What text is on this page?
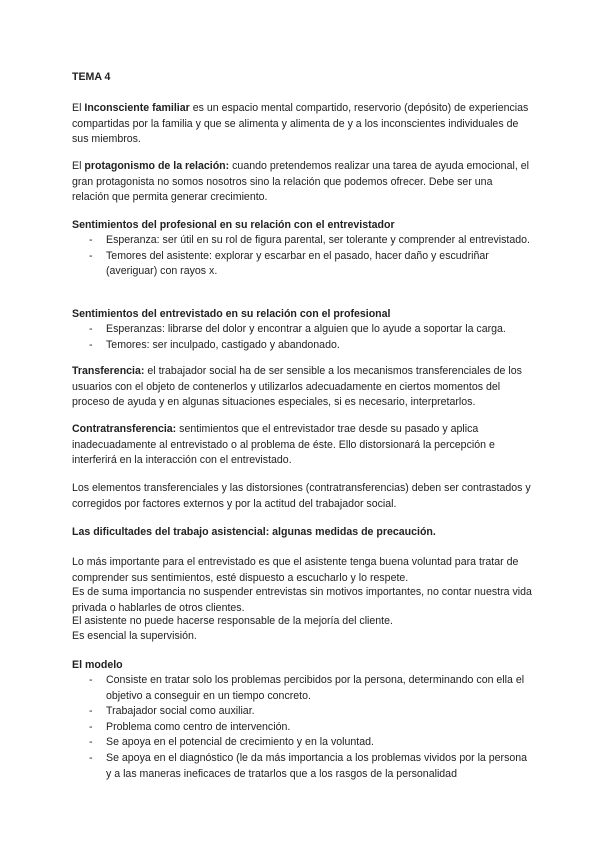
TEMA 4

El Inconsciente familiar es un espacio mental compartido, reservorio (depósito) de experiencias compartidas por la familia y que se alimenta y alimenta de y a los inconscientes individuales de sus miembros.

El protagonismo de la relación: cuando pretendemos realizar una tarea de ayuda emocional, el gran protagonista no somos nosotros sino la relación que podemos ofrecer. Debe ser una relación que permita generar crecimiento.

Sentimientos del profesional en su relación con el entrevistador

- Esperanza: ser útil en su rol de figura parental, ser tolerante y comprender al entrevistado.
- Temores del asistente: explorar y escarbar en el pasado, hacer daño y escudriñar (averiguar) con rayos x.

Sentimientos del entrevistado en su relación con el profesional

- Esperanzas: librarse del dolor y encontrar a alguien que lo ayude a soportar la carga.
- Temores: ser inculpado, castigado y abandonado.

Transferencia: el trabajador social ha de ser sensible a los mecanismos transferenciales de los usuarios con el objeto de contenerlos y utilizarlos adecuadamente en ciertos momentos del proceso de ayuda y en algunas situaciones especiales, si es necesario, interpretarlos.

Contratransferencia: sentimientos que el entrevistador trae desde su pasado y aplica inadecuadamente al entrevistado o al problema de éste. Ello distorsionará la percepción e interferirá en la interacción con el entrevistado.

Los elementos transferenciales y las distorsiones (contratransferencias) deben ser contrastados y corregidos por factores externos y por la actitud del trabajador social.

Las dificultades del trabajo asistencial: algunas medidas de precaución.

Lo más importante para el entrevistado es que el asistente tenga buena voluntad para tratar de comprender sus sentimientos, esté dispuesto a escucharlo y lo respete.

Es de suma importancia no suspender entrevistas sin motivos importantes, no contar nuestra vida privada o hablarles de otros clientes.

El asistente no puede hacerse responsable de la mejoría del cliente.

Es esencial la supervisión.

El modelo

- Consiste en tratar solo los problemas percibidos por la persona, determinando con ella el objetivo a conseguir en un tiempo concreto.
- Trabajador social como auxiliar.
- Problema como centro de intervención.
- Se apoya en el potencial de crecimiento y en la voluntad.
- Se apoya en el diagnóstico (le da más importancia a los problemas vividos por la persona y a las maneras ineficaces de tratarlos que a los rasgos de la personalidad
